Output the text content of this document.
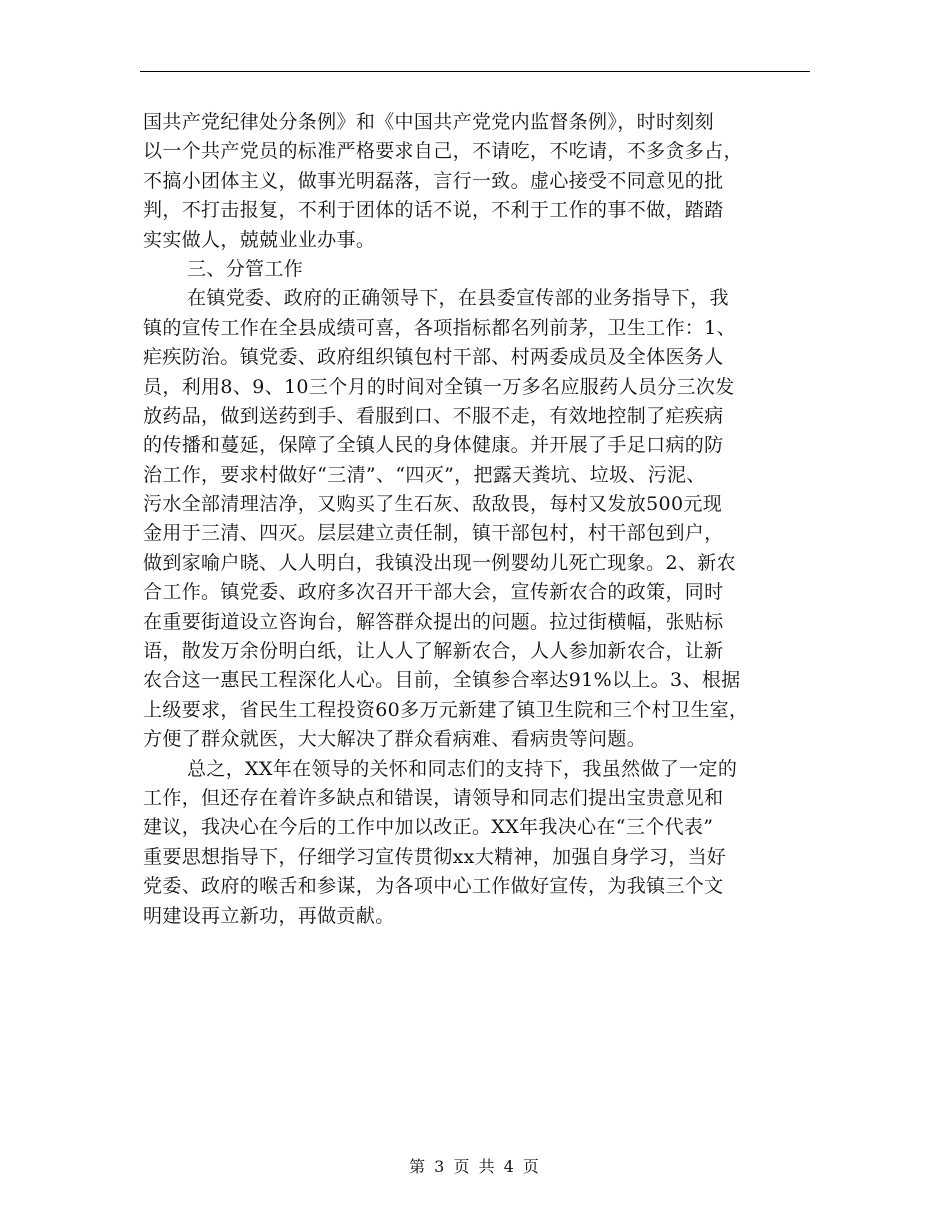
国共产党纪律处分条例》和《中国共产党党内监督条例》，时时刻刻
以一个共产党员的标准严格要求自己，不请吃，不吃请，不多贪多占，
不搞小团体主义，做事光明磊落，言行一致。虚心接受不同意见的批
判，不打击报复，不利于团体的话不说，不利于工作的事不做，踏踏
实实做人，兢兢业业办事。
三、分管工作
在镇党委、政府的正确领导下，在县委宣传部的业务指导下，我
镇的宣传工作在全县成绩可喜，各项指标都名列前茅，卫生工作：1、
疟疾防治。镇党委、政府组织镇包村干部、村两委成员及全体医务人
员，利用8、9、10三个月的时间对全镇一万多名应服药人员分三次发
放药品，做到送药到手、看服到口、不服不走，有效地控制了疟疾病
的传播和蔓延，保障了全镇人民的身体健康。并开展了手足口病的防
治工作，要求村做好“三清”、“四灭”，把露天粪坑、垃圾、污泥、
污水全部清理洁净，又购买了生石灰、敌敌畏，每村又发放500元现
金用于三清、四灭。层层建立责任制，镇干部包村，村干部包到户，
做到家喻户晓、人人明白，我镇没出现一例婴幼儿死亡现象。2、新农
合工作。镇党委、政府多次召开干部大会，宣传新农合的政策，同时
在重要街道设立咨询台，解答群众提出的问题。拉过街横幅，张贴标
语，散发万余份明白纸，让人人了解新农合，人人参加新农合，让新
农合这一惠民工程深化人心。目前，全镇参合率达91%以上。3、根据
上级要求，省民生工程投资60多万元新建了镇卫生院和三个村卫生室，
方便了群众就医，大大解决了群众看病难、看病贵等问题。
总之，XX年在领导的关怀和同志们的支持下，我虽然做了一定的
工作，但还存在着许多缺点和错误，请领导和同志们提出宝贵意见和
建议，我决心在今后的工作中加以改正。XX年我决心在“三个代表”
重要思想指导下，仔细学习宣传贯彻xx大精神，加强自身学习，当好
党委、政府的喉舌和参谋，为各项中心工作做好宣传，为我镇三个文
明建设再立新功，再做贡献。
第 3 页 共 4 页
